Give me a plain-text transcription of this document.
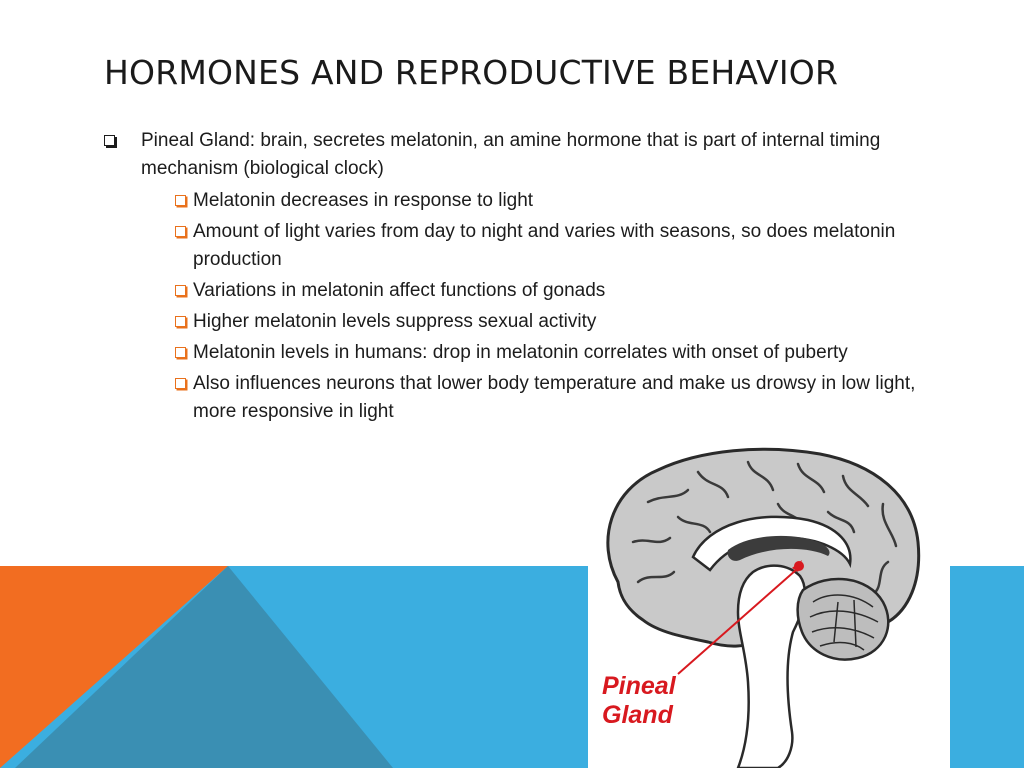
HORMONES AND REPRODUCTIVE BEHAVIOR
Pineal Gland: brain, secretes melatonin, an amine hormone that is part of internal timing mechanism (biological clock)
Melatonin decreases in response to light
Amount of light varies from day to night and varies with seasons, so does melatonin production
Variations in melatonin affect functions of gonads
Higher melatonin levels suppress sexual activity
Melatonin levels in humans: drop in melatonin correlates with onset of puberty
Also influences neurons that lower body temperature and make us drowsy in low light, more responsive in light
Pineal
Gland
